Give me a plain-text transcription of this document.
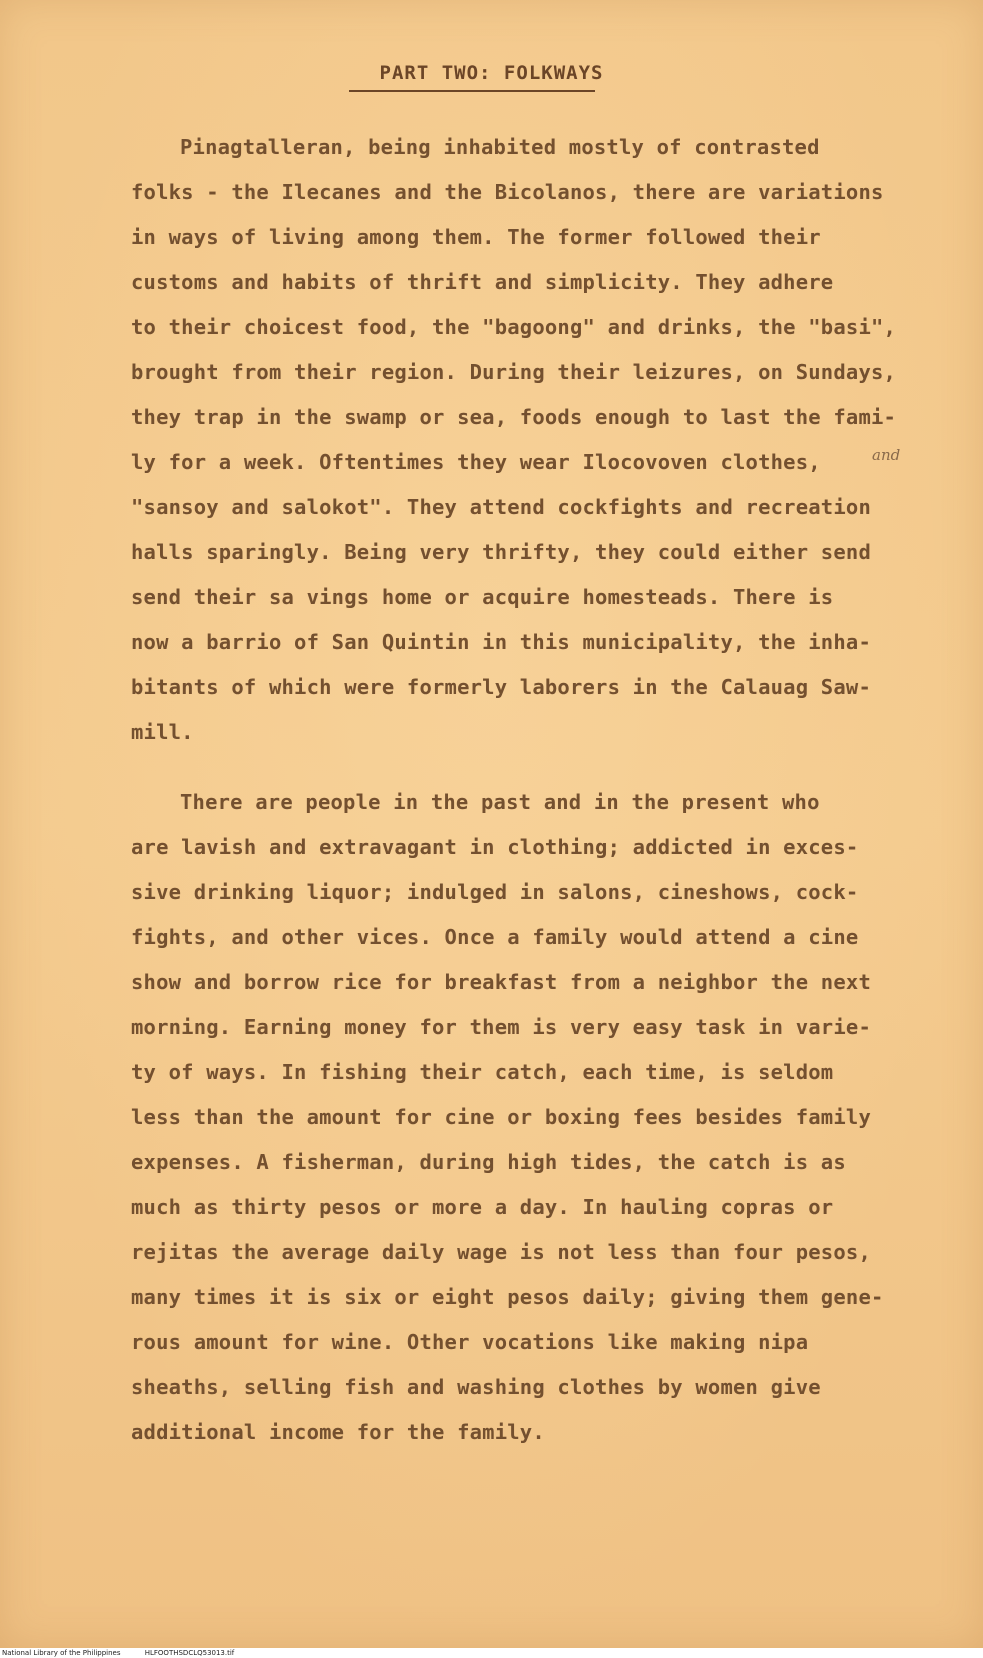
PART TWO: FOLKWAYS
Pinagtalleran, being inhabited mostly of contrasted
folks - the Ilecanes and the Bicolanos, there are variations
in ways of living among them. The former followed their
customs and habits of thrift and simplicity. They adhere
to their choicest food, the "bagoong" and drinks, the "basi",
brought from their region. During their leizures, on Sundays,
they trap in the swamp or sea, foods enough to last the fami-
ly for a week. Oftentimes they wear Ilocovoven clothes,	and
"sansoy and salokot". They attend cockfights and recreation
halls sparingly. Being very thrifty, they could either send
send their sa vings home or acquire homesteads. There is
now a barrio of San Quintin in this municipality, the inha-
bitants of which were formerly laborers in the Calauag Saw-
mill.
There are people in the past and in the present who
are lavish and extravagant in clothing; addicted in exces-
sive drinking liquor; indulged in salons, cineshows, cock-
fights, and other vices. Once a family would attend a cine
show and borrow rice for breakfast from a neighbor the next
morning. Earning money for them is very easy task in varie-
ty of ways. In fishing their catch, each time, is seldom
less than the amount for cine or boxing fees besides family
expenses. A fisherman, during high tides, the catch is as
much as thirty pesos or more a day. In hauling copras or
rejitas the average daily wage is not less than four pesos,
many times it is six or eight pesos daily; giving them gene-
rous amount for wine. Other vocations like making nipa
sheaths, selling fish and washing clothes by women give
additional income for the family.
National Library of the Philippines	HLFOOTHSDCLQ53013.tif
